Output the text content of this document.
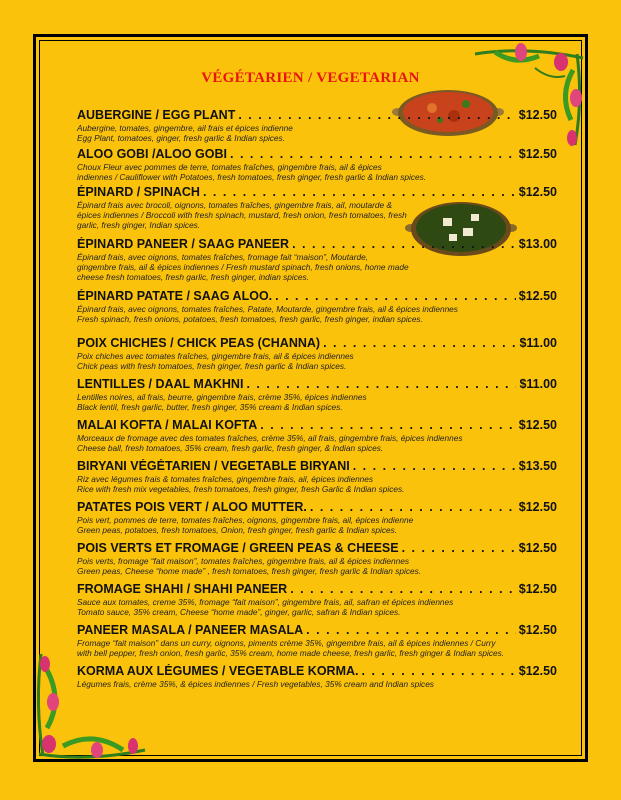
VÉGÉTARIEN / VEGETARIAN
AUBERGINE / EGG PLANT . . .	$12.50
Aubergine, tomates, gingembre, ail frais et épices indienne
Egg Plant, tomatoes, ginger, fresh garlic & Indian spices.
ALOO GOBI /ALOO GOBI . . .	$12.50
Choux Fleur avec pommes de terre, tomates fraîches, gingembre frais, ail & épices
indiennes / Cauliflower with Potatoes, fresh tomatoes, fresh ginger, fresh garlic & Indian spices.
ÉPINARD / SPINACH . . .	$12.50
Épinard frais avec brocoli, oignons, tomates fraîches, gingembre frais, ail, moutarde &
épices indiennes / Broccoli with fresh spinach, mustard, fresh onion, fresh tomatoes, fresh garlic, fresh ginger, Indian spices.
ÉPINARD PANEER / SAAG PANEER . . .	$13.00
Épinard frais, avec oignons, tomates fraîches, fromage fait “maison”, Moutarde,
gingembre frais, ail & épices indiennes / Fresh mustard spinach, fresh onions, home made cheese fresh tomatoes, fresh garlic, fresh ginger, indian spices.
ÉPINARD PATATE / SAAG ALOO. . . .	$12.50
Épinard frais, avec oignons, tomates fraîches, Patate, Moutarde, gingembre frais, ail & épices indiennes
Fresh spinach, fresh onions, potatoes, fresh tomatoes, fresh garlic, fresh ginger, indian spices.
POIX CHICHES / CHICK PEAS (CHANNA) . . .	$11.00
Poix chiches avec tomates fraîches, gingembre frais, ail & épices indiennes
Chick peas with fresh tomatoes, fresh ginger, fresh garlic & Indian spices.
LENTILLES / DAAL MAKHNI . . .	$11.00
Lentilles noires, ail frais, beurre, gingembre frais, crème 35%, épices indiennes
Black lentil, fresh garlic, butter, fresh ginger, 35% cream & Indian spices.
MALAI KOFTA / MALAI KOFTA . . .	$12.50
Morceaux de fromage avec des tomates fraîches, crème 35%, ail frais, gingembre frais, épices indiennes
Cheese ball, fresh tomatoes, 35% cream, fresh garlic, fresh ginger, & Indian spices.
BIRYANI VÉGÉTARIEN / VEGETABLE BIRYANI . . .	$13.50
Riz avec légumes frais & tomates fraîches, gingembre frais, ail, épices indiennes
Rice with fresh mix vegetables, fresh tomatoes, fresh ginger, fresh Garlic & Indian spices.
PATATES POIS VERT / ALOO MUTTER. . . .	$12.50
Pois vert, pommes de terre, tomates fraîches, oignons, gingembre frais, ail, épices indienne
Green peas, potatoes, fresh tomatoes, Onion, fresh ginger, fresh garlic & Indian spices.
POIS VERTS ET FROMAGE / GREEN PEAS & CHEESE . . .	$12.50
Pois verts, fromage “fait maison”, tomates fraîches, gingembre frais, ail & épices indiennes
Green peas, Cheese “home made” , fresh tomatoes, fresh ginger, fresh garlic & Indian spices.
FROMAGE SHAHI / SHAHI PANEER . . .	$12.50
Sauce aux tomates, creme 35%, fromage “fait maison”, gingembre frais, ail, safran et épices indiennes
Tomato sauce, 35% cream, Cheese “home made”, ginger, garlic, safran & Indian spices.
PANEER MASALA / PANEER MASALA . . .	$12.50
Fromage “fait maison” dans un curry, oignons, piments crème 35%, gingembre frais, ail & épices indiennes / Curry
with bell pepper, fresh onion, fresh garlic, 35% cream, home made cheese, fresh garlic, fresh ginger & Indian spices.
KORMA AUX LÉGUMES / VEGETABLE KORMA. . . .	$12.50
Légumes frais, crème 35%, & épices indiennes / Fresh vegetables, 35% cream and Indian spices
